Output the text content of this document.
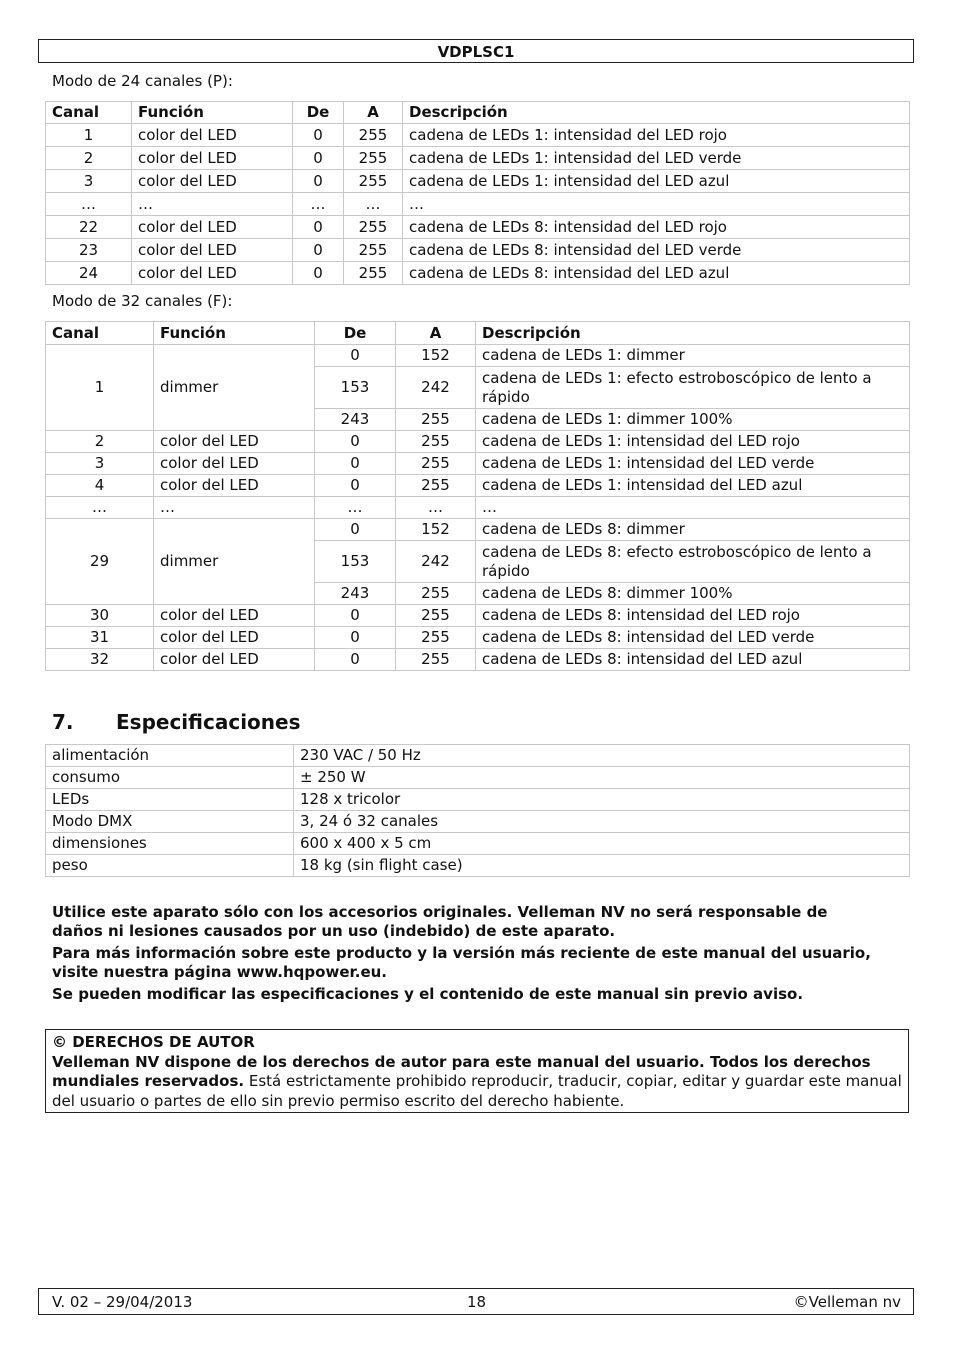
VDPLSC1
Modo de 24 canales (P):
Canal	Función	De	A	Descripción
1	color del LED	0	255	cadena de LEDs 1: intensidad del LED rojo
2	color del LED	0	255	cadena de LEDs 1: intensidad del LED verde
3	color del LED	0	255	cadena de LEDs 1: intensidad del LED azul
…	…	…	…	…
22	color del LED	0	255	cadena de LEDs 8: intensidad del LED rojo
23	color del LED	0	255	cadena de LEDs 8: intensidad del LED verde
24	color del LED	0	255	cadena de LEDs 8: intensidad del LED azul
Modo de 32 canales (F):
Canal	Función	De	A	Descripción
1	dimmer	0	152	cadena de LEDs 1: dimmer
		153	242	cadena de LEDs 1: efecto estroboscópico de lento a rápido
		243	255	cadena de LEDs 1: dimmer 100%
2	color del LED	0	255	cadena de LEDs 1: intensidad del LED rojo
3	color del LED	0	255	cadena de LEDs 1: intensidad del LED verde
4	color del LED	0	255	cadena de LEDs 1: intensidad del LED azul
…	…	…	…	…
29	dimmer	0	152	cadena de LEDs 8: dimmer
		153	242	cadena de LEDs 8: efecto estroboscópico de lento a rápido
		243	255	cadena de LEDs 8: dimmer 100%
30	color del LED	0	255	cadena de LEDs 8: intensidad del LED rojo
31	color del LED	0	255	cadena de LEDs 8: intensidad del LED verde
32	color del LED	0	255	cadena de LEDs 8: intensidad del LED azul
7. Especificaciones
alimentación	230 VAC / 50 Hz
consumo	± 250 W
LEDs	128 x tricolor
Modo DMX	3, 24 ó 32 canales
dimensiones	600 x 400 x 5 cm
peso	18 kg (sin flight case)

Utilice este aparato sólo con los accesorios originales. Velleman NV no será responsable de daños ni lesiones causados por un uso (indebido) de este aparato.

Para más información sobre este producto y la versión más reciente de este manual del usuario, visite nuestra página www.hqpower.eu.

Se pueden modificar las especificaciones y el contenido de este manual sin previo aviso.

© DERECHOS DE AUTOR
Velleman NV dispone de los derechos de autor para este manual del usuario. Todos los derechos mundiales reservados. Está estrictamente prohibido reproducir, traducir, copiar, editar y guardar este manual del usuario o partes de ello sin previo permiso escrito del derecho habiente.
V. 02 – 29/04/2013	18	©Velleman nv
